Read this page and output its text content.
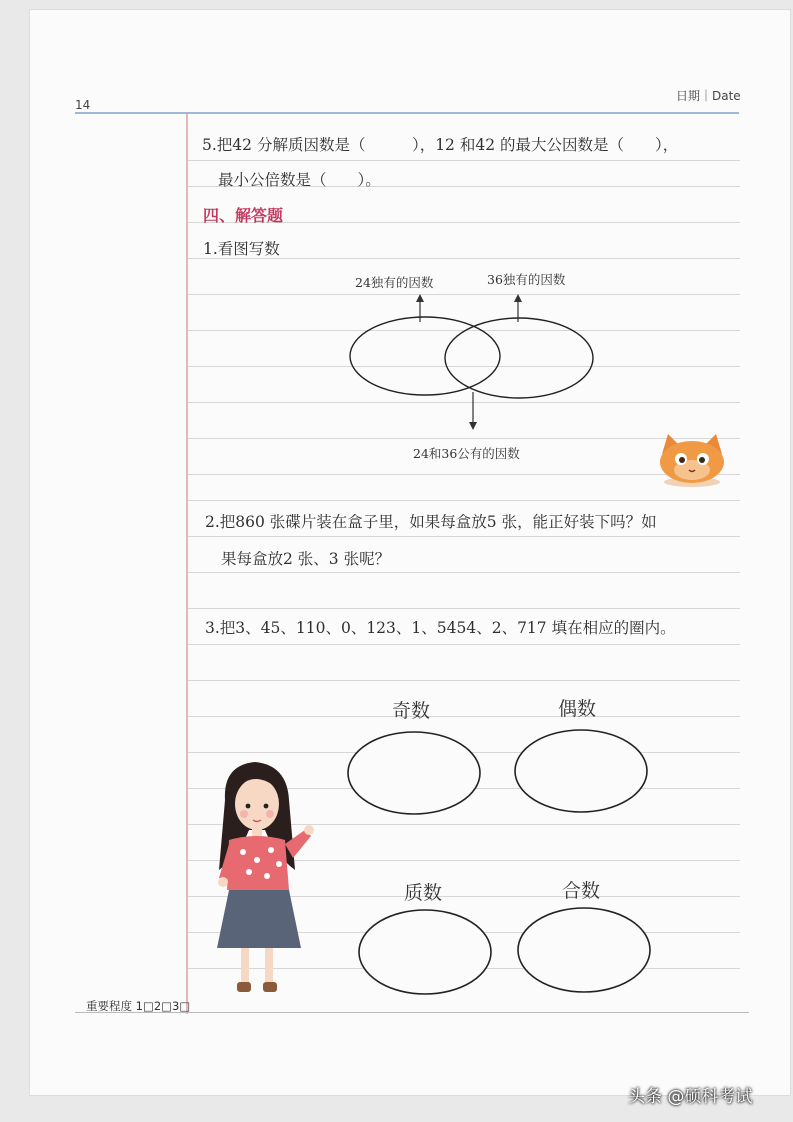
14
日期｜Date
5.把42 分解质因数是（　　　），12 和42 的最大公因数是（　　），
最小公倍数是（　　）。
四、解答题
1.看图写数
24独有的因数	36独有的因数
24和36公有的因数
2.把860 张碟片装在盒子里，如果每盒放5 张，能正好装下吗？如
果每盒放2 张、3 张呢？
3.把3、45、110、0、123、1、5454、2、717 填在相应的圈内。
奇数	偶数
质数	合数
重要程度 1□2□3□
头条 @硕科考试
